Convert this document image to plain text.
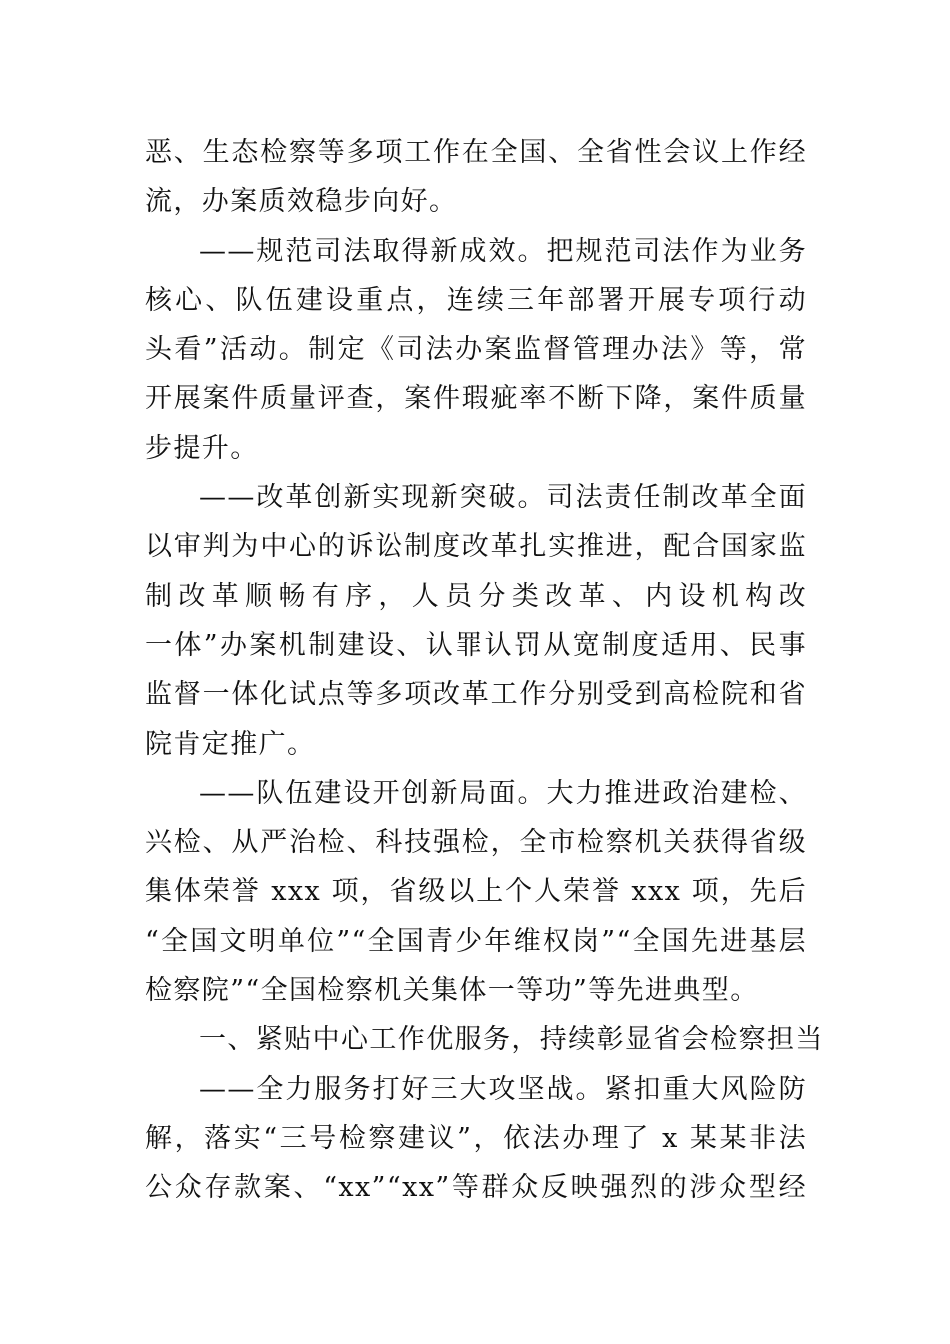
恶、生态检察等多项工作在全国、全省性会议上作经
流，办案质效稳步向好。
——规范司法取得新成效。把规范司法作为业务
核心、队伍建设重点，连续三年部署开展专项行动
头看”活动。制定《司法办案监督管理办法》等，常
开展案件质量评查，案件瑕疵率不断下降，案件质量
步提升。
——改革创新实现新突破。司法责任制改革全面
以审判为中心的诉讼制度改革扎实推进，配合国家监
制改革顺畅有序，人员分类改革、内设机构改
一体”办案机制建设、认罪认罚从宽制度适用、民事
监督一体化试点等多项改革工作分别受到高检院和省
院肯定推广。
——队伍建设开创新局面。大力推进政治建检、
兴检、从严治检、科技强检，全市检察机关获得省级
集体荣誉 xxx 项，省级以上个人荣誉 xxx 项，先后
“全国文明单位”“全国青少年维权岗”“全国先进基层
检察院”“全国检察机关集体一等功”等先进典型。
一、紧贴中心工作优服务，持续彰显省会检察担当
——全力服务打好三大攻坚战。紧扣重大风险防
解，落实“三号检察建议”，依法办理了 x 某某非法
公众存款案、“xx”“xx”等群众反映强烈的涉众型经
